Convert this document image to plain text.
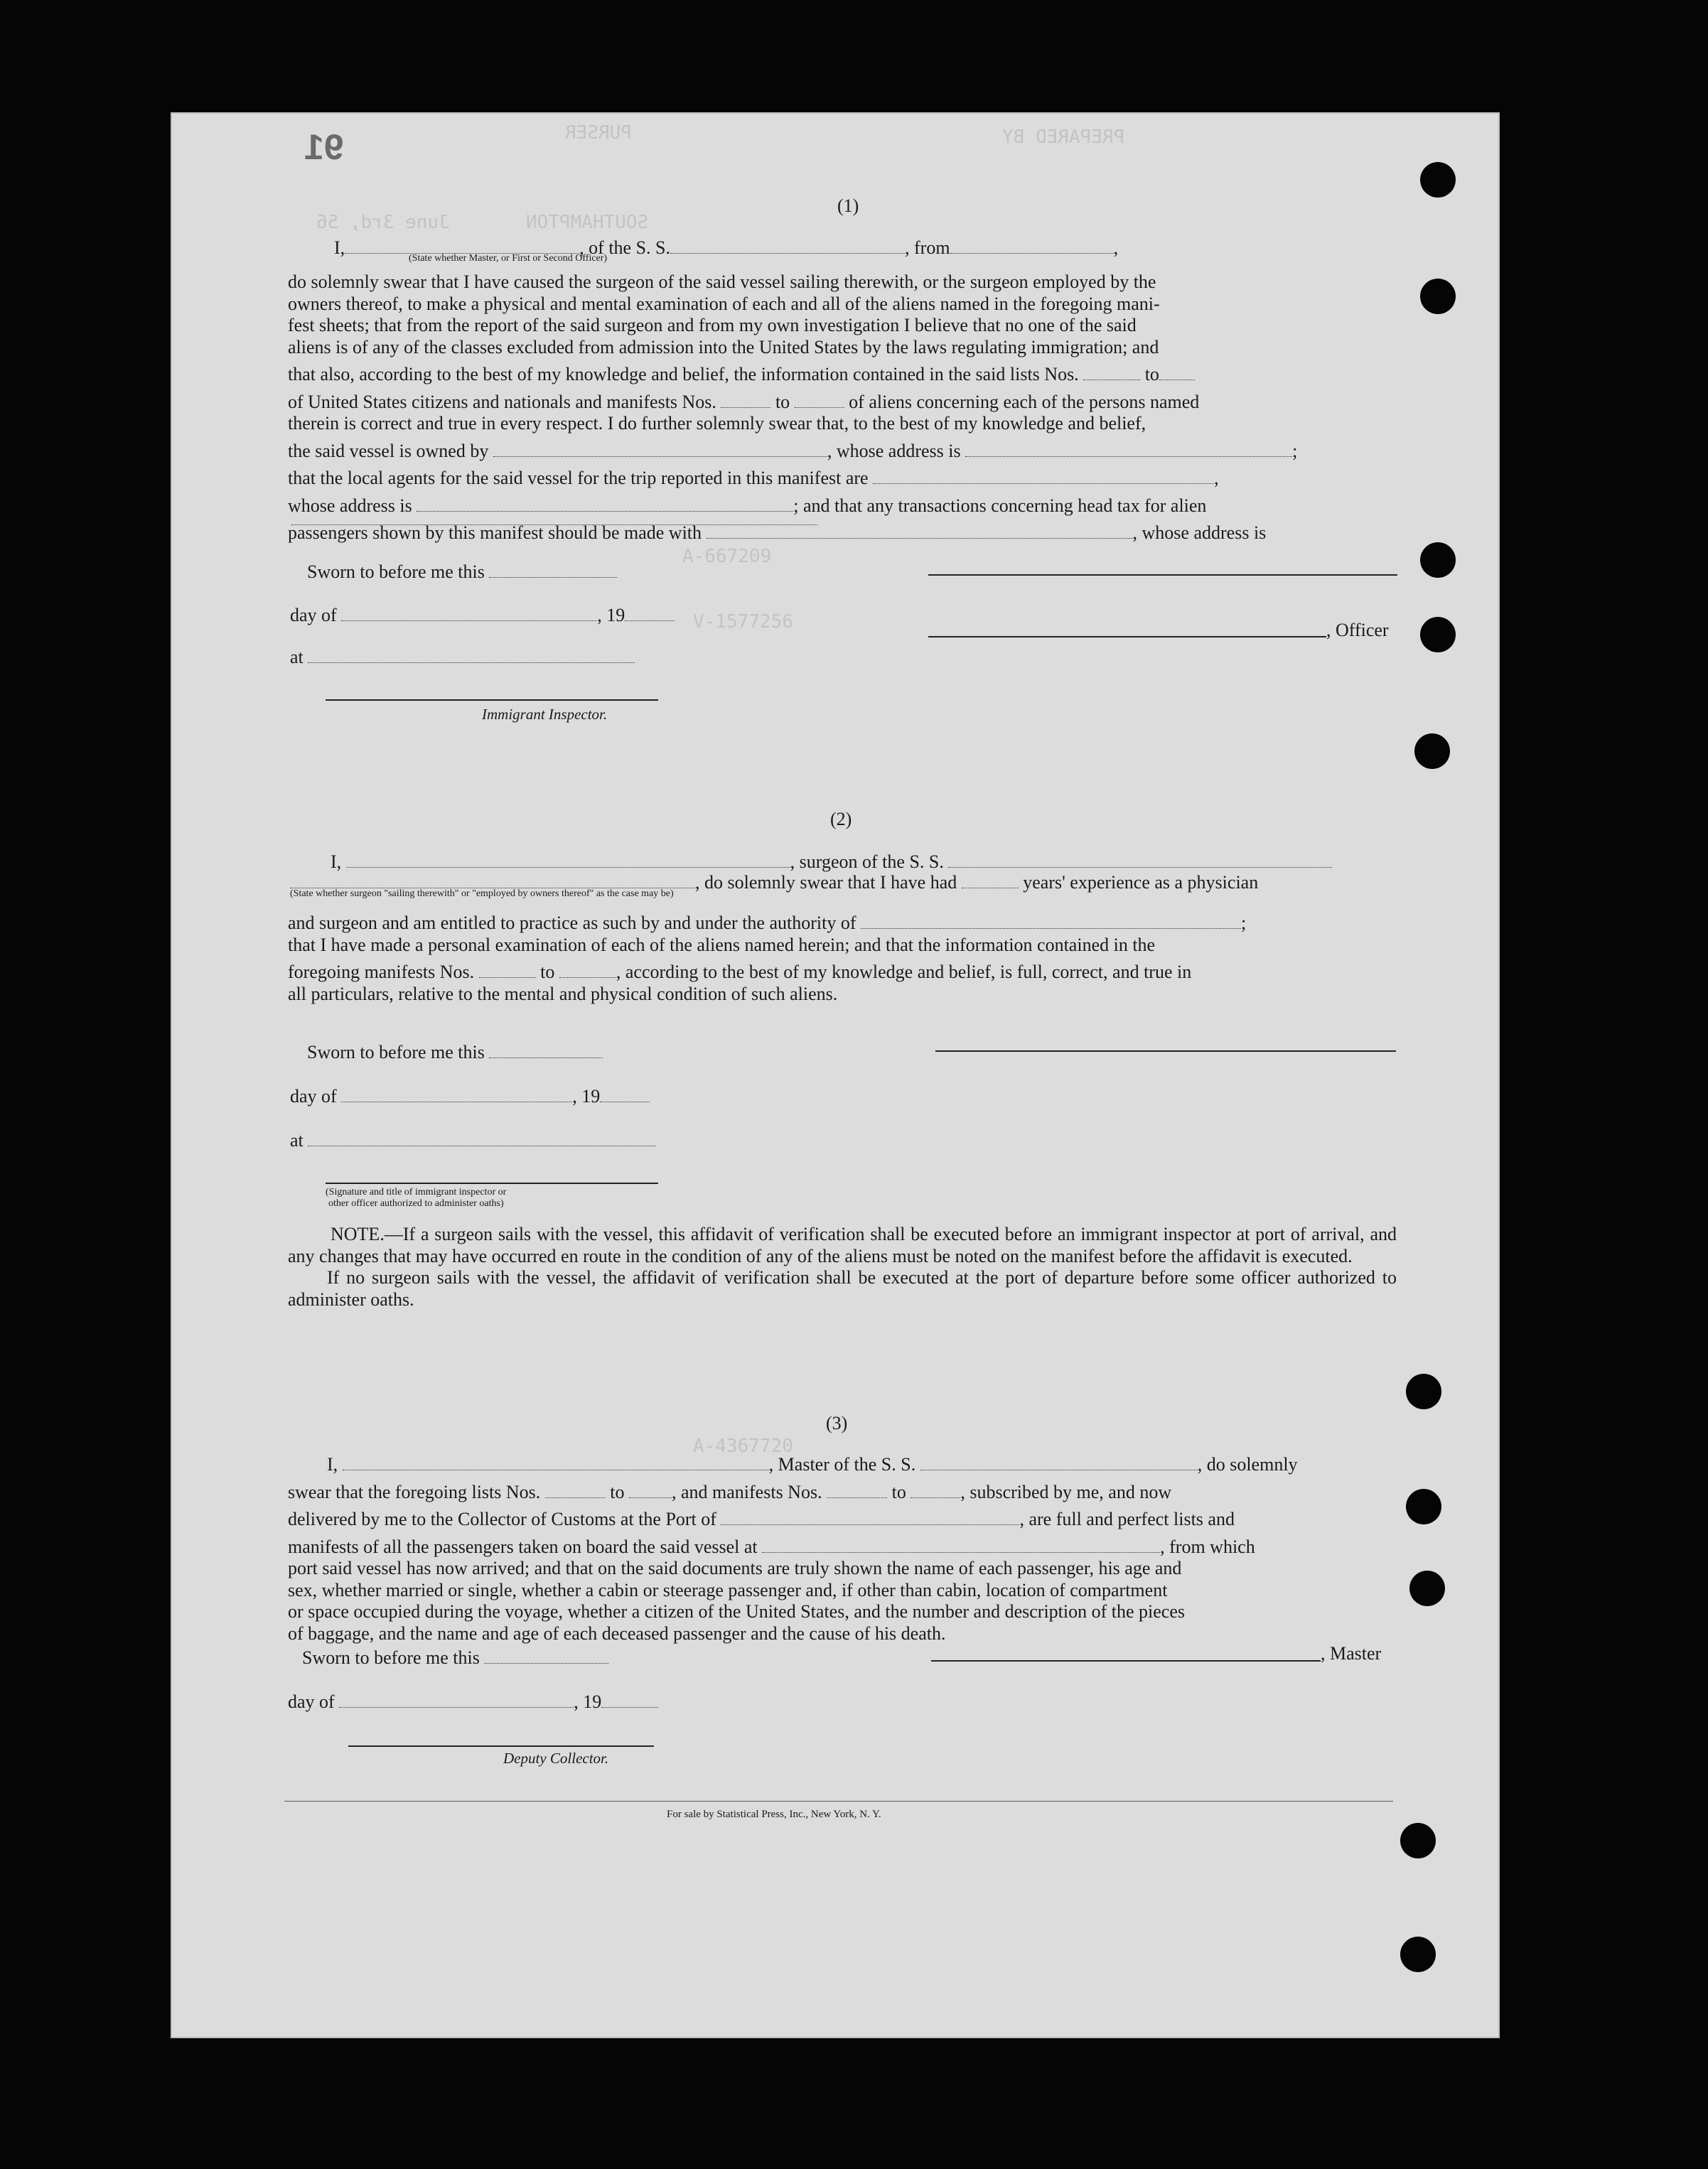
91	PREPARED BY
PURSER
SOUTHAMPTON
June 3rd, 56
A-667209
V-1577256
A-4367720
(1)
I,	, of the S. S.	, from	,
(State whether Master, or First or Second Officer)
do solemnly swear that I have caused the surgeon of the said vessel sailing therewith, or the surgeon employed by the
owners thereof, to make a physical and mental examination of each and all of the aliens named in the foregoing mani-
fest sheets; that from the report of the said surgeon and from my own investigation I believe that no one of the said
aliens is of any of the classes excluded from admission into the United States by the laws regulating immigration; and
that also, according to the best of my knowledge and belief, the information contained in the said lists Nos.	to
of United States citizens and nationals and manifests Nos.	to	of aliens concerning each of the persons named
therein is correct and true in every respect. I do further solemnly swear that, to the best of my knowledge and belief,
the said vessel is owned by	, whose address is	;
that the local agents for the said vessel for the trip reported in this manifest are	,
whose address is	; and that any transactions concerning head tax for alien
passengers shown by this manifest should be made with	, whose address is
Sworn to before me this
day of	, 19
, Officer
at
Immigrant Inspector.
(2)
I,	, surgeon of the S. S.
, do solemnly swear that I have had	years' experience as a physician
(State whether surgeon "sailing therewith" or "employed by owners thereof" as the case may be)
and surgeon and am entitled to practice as such by and under the authority of	;
that I have made a personal examination of each of the aliens named herein; and that the information contained in the
foregoing manifests Nos.	to	, according to the best of my knowledge and belief, is full, correct, and true in
all particulars, relative to the mental and physical condition of such aliens.
Sworn to before me this
day of	, 19
at
(Signature and title of immigrant inspector or
other officer authorized to administer oaths)

NOTE.—If a surgeon sails with the vessel, this affidavit of verification shall be executed before an immigrant inspector at port of arrival, and any changes that may have occurred en route in the condition of any of the aliens must be noted on the manifest before the affidavit is executed.

If no surgeon sails with the vessel, the affidavit of verification shall be executed at the port of departure before some officer authorized to administer oaths.

(3)
I,	, Master of the S. S.	, do solemnly
swear that the foregoing lists Nos.	to	, and manifests Nos.	to	, subscribed by me, and now
delivered by me to the Collector of Customs at the Port of	, are full and perfect lists and
manifests of all the passengers taken on board the said vessel at	, from which
port said vessel has now arrived; and that on the said documents are truly shown the name of each passenger, his age and
sex, whether married or single, whether a cabin or steerage passenger and, if other than cabin, location of compartment
or space occupied during the voyage, whether a citizen of the United States, and the number and description of the pieces
of baggage, and the name and age of each deceased passenger and the cause of his death.
Sworn to before me this	, Master
day of	, 19
Deputy Collector.
For sale by Statistical Press, Inc., New York, N. Y.
